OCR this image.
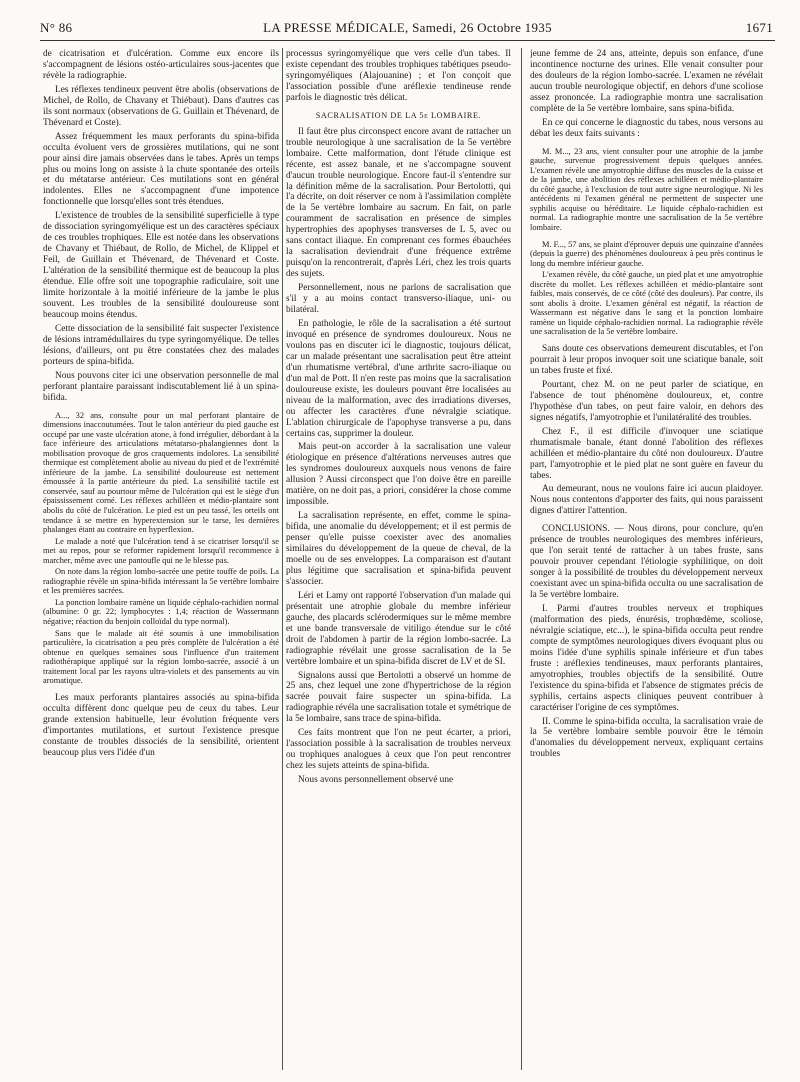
N° 86	LA PRESSE MÉDICALE, Samedi, 26 Octobre 1935	1671

de cicatrisation et d'ulcération. Comme eux encore ils s'accompagnent de lésions ostéo-articulaires sous-jacentes que révèle la radiographie.

Les réflexes tendineux peuvent être abolis (observations de Michel, de Rollo, de Chavany et Thiébaut). Dans d'autres cas ils sont normaux (observations de G. Guillain et Thévenard, de Thévenard et Coste).

Assez fréquemment les maux perforants du spina-bifida occulta évoluent vers de grossières mutilations, qui ne sont pour ainsi dire jamais observées dans le tabes. Après un temps plus ou moins long on assiste à la chute spontanée des orteils et du métatarse antérieur. Ces mutilations sont en général indolentes. Elles ne s'accompagnent d'une impotence fonctionnelle que lorsqu'elles sont très étendues.

L'existence de troubles de la sensibilité superficielle à type de dissociation syringomyélique est un des caractères spéciaux de ces troubles trophiques. Elle est notée dans les observations de Chavany et Thiébaut, de Rollo, de Michel, de Klippel et Feil, de Guillain et Thévenard, de Thévenard et Coste. L'altération de la sensibilité thermique est de beaucoup la plus étendue. Elle offre soit une topographie radiculaire, soit une limite horizontale à la moitié inférieure de la jambe le plus souvent. Les troubles de la sensibilité douloureuse sont beaucoup moins étendus.

Cette dissociation de la sensibilité fait suspecter l'existence de lésions intramédullaires du type syringomyélique. De telles lésions, d'ailleurs, ont pu être constatées chez des malades porteurs de spina-bifida.

Nous pouvons citer ici une observation personnelle de mal perforant plantaire paraissant indiscutablement lié à un spina-bifida.

A..., 32 ans, consulte pour un mal perforant plantaire de dimensions inaccoutumées. Tout le talon antérieur du pied gauche est occupé par une vaste ulcération atone, à fond irrégulier, débordant à la face inférieure des articulations métatarso-phalangiennes dont la mobilisation provoque de gros craquements indolores. La sensibilité thermique est complètement abolie au niveau du pied et de l'extrémité inférieure de la jambe. La sensibilité douloureuse est nettement émoussée à la partie antérieure du pied. La sensibilité tactile est conservée, sauf au pourtour même de l'ulcération qui est le siège d'un épaississement corné. Les réflexes achilléen et médio-plantaire sont abolis du côté de l'ulcération. Le pied est un peu tassé, les orteils ont tendance à se mettre en hyperextension sur le tarse, les dernières phalanges étant au contraire en hyperflexion.

Le malade a noté que l'ulcération tend à se cicatriser lorsqu'il se met au repos, pour se reformer rapidement lorsqu'il recommence à marcher, même avec une pantoufle qui ne le blesse pas.

On note dans la région lombo-sacrée une petite touffe de poils. La radiographie révèle un spina-bifida intéressant la 5e vertèbre lombaire et les premières sacrées.

La ponction lombaire ramène un liquide céphalo-rachidien normal (albumine: 0 gr. 22; lymphocytes : 1,4; réaction de Wassermann négative; réaction du benjoin colloïdal du type normal).

Sans que le malade ait été soumis à une immobilisation particulière, la cicatrisation a peu près complète de l'ulcération a été obtenue en quelques semaines sous l'influence d'un traitement radiothérapique appliqué sur la région lombo-sacrée, associé à un traitement local par les rayons ultra-violets et des pansements au vin aromatique.

Les maux perforants plantaires associés au spina-bifida occulta diffèrent donc quelque peu de ceux du tabes. Leur grande extension habituelle, leur évolution fréquente vers d'importantes mutilations, et surtout l'existence presque constante de troubles dissociés de la sensibilité, orientent beaucoup plus vers l'idée d'un

processus syringomyélique que vers celle d'un tabes. Il existe cependant des troubles trophiques tabétiques pseudo-syringomyéliques (Alajouanine) ; et l'on conçoit que l'association possible d'une aréflexie tendineuse rende parfois le diagnostic très délicat.

SACRALISATION DE LA 5e LOMBAIRE.

Il faut être plus circonspect encore avant de rattacher un trouble neurologique à une sacralisation de la 5e vertèbre lombaire. Cette malformation, dont l'étude clinique est récente, est assez banale, et ne s'accompagne souvent d'aucun trouble neurologique. Encore faut-il s'entendre sur la définition même de la sacralisation. Pour Bertolotti, qui l'a décrite, on doit réserver ce nom à l'assimilation complète de la 5e vertèbre lombaire au sacrum. En fait, on parle couramment de sacralisation en présence de simples hypertrophies des apophyses transverses de L 5, avec ou sans contact iliaque. En comprenant ces formes ébauchées la sacralisation deviendrait d'une fréquence extrême puisqu'on la rencontrerait, d'après Léri, chez les trois quarts des sujets.

Personnellement, nous ne parlons de sacralisation que s'il y a au moins contact transverso-iliaque, uni- ou bilatéral.

En pathologie, le rôle de la sacralisation a été surtout invoqué en présence de syndromes douloureux. Nous ne voulons pas en discuter ici le diagnostic, toujours délicat, car un malade présentant une sacralisation peut être atteint d'un rhumatisme vertébral, d'une arthrite sacro-iliaque ou d'un mal de Pott. Il n'en reste pas moins que la sacralisation douloureuse existe, les douleurs pouvant être localisées au niveau de la malformation, avec des irradiations diverses, ou affecter les caractères d'une névralgie sciatique. L'ablation chirurgicale de l'apophyse transverse a pu, dans certains cas, supprimer la douleur.

Mais peut-on accorder à la sacralisation une valeur étiologique en présence d'altérations nerveuses autres que les syndromes douloureux auxquels nous venons de faire allusion ? Aussi circonspect que l'on doive être en pareille matière, on ne doit pas, a priori, considérer la chose comme impossible.

La sacralisation représente, en effet, comme le spina-bifida, une anomalie du développement; et il est permis de penser qu'elle puisse coexister avec des anomalies similaires du développement de la queue de cheval, de la moelle ou de ses enveloppes. La comparaison est d'autant plus légitime que sacralisation et spina-bifida peuvent s'associer.

Léri et Lamy ont rapporté l'observation d'un malade qui présentait une atrophie globale du membre inférieur gauche, des placards sclérodermiques sur le même membre et une bande transversale de vitiligo étendue sur le côté droit de l'abdomen à partir de la région lombo-sacrée. La radiographie révélait une grosse sacralisation de la 5e vertèbre lombaire et un spina-bifida discret de LV et de SI.

Signalons aussi que Bertolotti a observé un homme de 25 ans, chez lequel une zone d'hypertrichose de la région sacrée pouvait faire suspecter un spina-bifida. La radiographie révéla une sacralisation totale et symétrique de la 5e lombaire, sans trace de spina-bifida.

Ces faits montrent que l'on ne peut écarter, a priori, l'association possible à la sacralisation de troubles nerveux ou trophiques analogues à ceux que l'on peut rencontrer chez les sujets atteints de spina-bifida.

Nous avons personnellement observé une

jeune femme de 24 ans, atteinte, depuis son enfance, d'une incontinence nocturne des urines. Elle venait consulter pour des douleurs de la région lombo-sacrée. L'examen ne révélait aucun trouble neurologique objectif, en dehors d'une scoliose assez prononcée. La radiographie montra une sacralisation complète de la 5e vertèbre lombaire, sans spina-bifida.

En ce qui concerne le diagnostic du tabes, nous versons au débat les deux faits suivants :

M. M..., 23 ans, vient consulter pour une atrophie de la jambe gauche, survenue progressivement depuis quelques années. L'examen révèle une amyotrophie diffuse des muscles de la cuisse et de la jambe, une abolition des réflexes achilléen et médio-plantaire du côté gauche, à l'exclusion de tout autre signe neurologique. Ni les antécédents ni l'examen général ne permettent de suspecter une syphilis acquise ou héréditaire. Le liquide céphalo-rachidien est normal. La radiographie montre une sacralisation de la 5e vertèbre lombaire.

M. F..., 57 ans, se plaint d'éprouver depuis une quinzaine d'années (depuis la guerre) des phénomènes douloureux à peu près continus le long du membre inférieur gauche.

L'examen révèle, du côté gauche, un pied plat et une amyotrophie discrète du mollet. Les réflexes achilléen et médio-plantaire sont faibles, mais conservés, de ce côté (côté des douleurs). Par contre, ils sont abolis à droite. L'examen général est négatif, la réaction de Wassermann est négative dans le sang et la ponction lombaire ramène un liquide céphalo-rachidien normal. La radiographie révèle une sacralisation de la 5e vertèbre lombaire.

Sans doute ces observations demeurent discutables, et l'on pourrait à leur propos invoquer soit une sciatique banale, soit un tabes fruste et fixé.

Pourtant, chez M. on ne peut parler de sciatique, en l'absence de tout phénomène douloureux, et, contre l'hypothèse d'un tabes, on peut faire valoir, en dehors des signes négatifs, l'amyotrophie et l'unilatéralité des troubles.

Chez F., il est difficile d'invoquer une sciatique rhumatismale banale, étant donné l'abolition des réflexes achilléen et médio-plantaire du côté non douloureux. D'autre part, l'amyotrophie et le pied plat ne sont guère en faveur du tabes.

Au demeurant, nous ne voulons faire ici aucun plaidoyer. Nous nous contentons d'apporter des faits, qui nous paraissent dignes d'attirer l'attention.

CONCLUSIONS. — Nous dirons, pour conclure, qu'en présence de troubles neurologiques des membres inférieurs, que l'on serait tenté de rattacher à un tabes fruste, sans pouvoir prouver cependant l'étiologie syphilitique, on doit songer à la possibilité de troubles du développement nerveux coexistant avec un spina-bifida occulta ou une sacralisation de la 5e vertèbre lombaire.

I. Parmi d'autres troubles nerveux et trophiques (malformation des pieds, énurésis, trophœdème, scoliose, névralgie sciatique, etc...), le spina-bifida occulta peut rendre compte de symptômes neurologiques divers évoquant plus ou moins l'idée d'une syphilis spinale inférieure et d'un tabes fruste : aréflexies tendineuses, maux perforants plantaires, amyotrophies, troubles objectifs de la sensibilité. Outre l'existence du spina-bifida et l'absence de stigmates précis de syphilis, certains aspects cliniques peuvent contribuer à caractériser l'origine de ces symptômes.

II. Comme le spina-bifida occulta, la sacralisation vraie de la 5e vertèbre lombaire semble pouvoir être le témoin d'anomalies du développement nerveux, expliquant certains troubles
